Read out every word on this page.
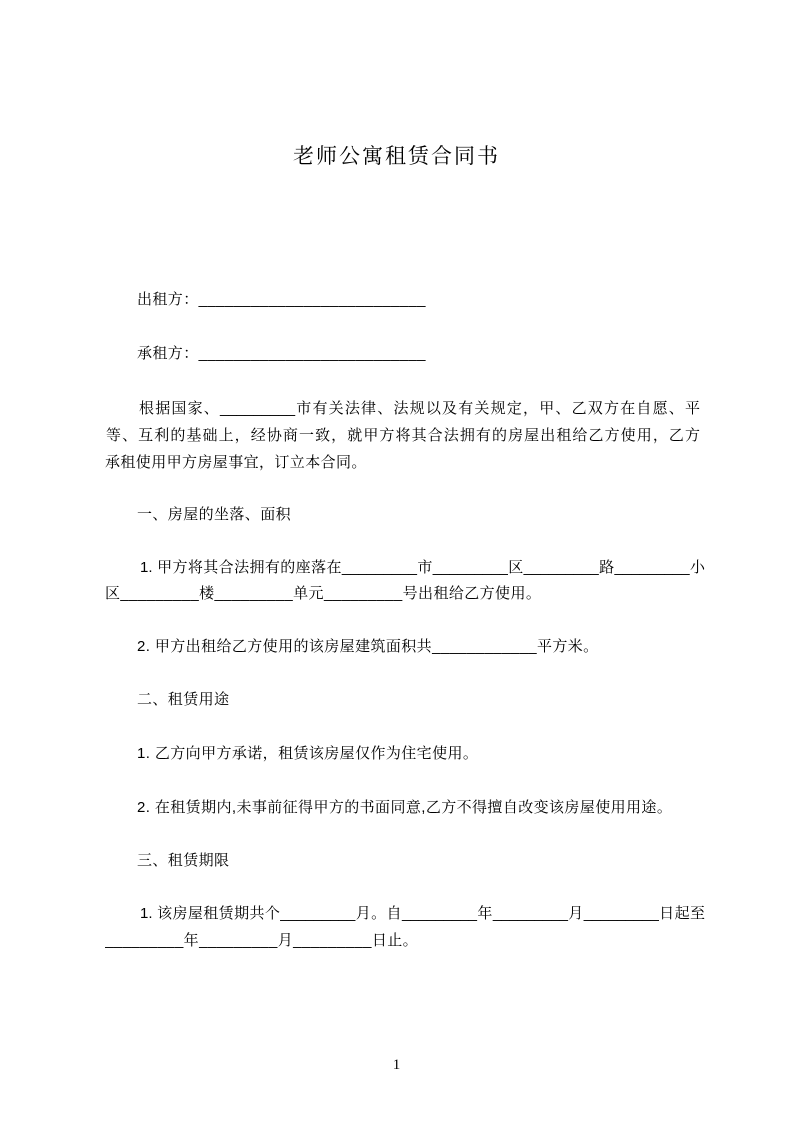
老师公寓租赁合同书
出租方：__________________________
承租方：__________________________
根据国家、_________市有关法律、法规以及有关规定，甲、乙双方在自愿、平
等、互利的基础上，经协商一致，就甲方将其合法拥有的房屋出租给乙方使用，乙方
承租使用甲方房屋事宜，订立本合同。
一、房屋的坐落、面积
1. 甲方将其合法拥有的座落在_________市_________区_________路_________小
区_________楼_________单元_________号出租给乙方使用。
2. 甲方出租给乙方使用的该房屋建筑面积共____________平方米。
二、租赁用途
1. 乙方向甲方承诺，租赁该房屋仅作为住宅使用。
2. 在租赁期内,未事前征得甲方的书面同意,乙方不得擅自改变该房屋使用用途。
三、租赁期限
1. 该房屋租赁期共个_________月。自_________年_________月_________日起至
_________年_________月_________日止。
1
